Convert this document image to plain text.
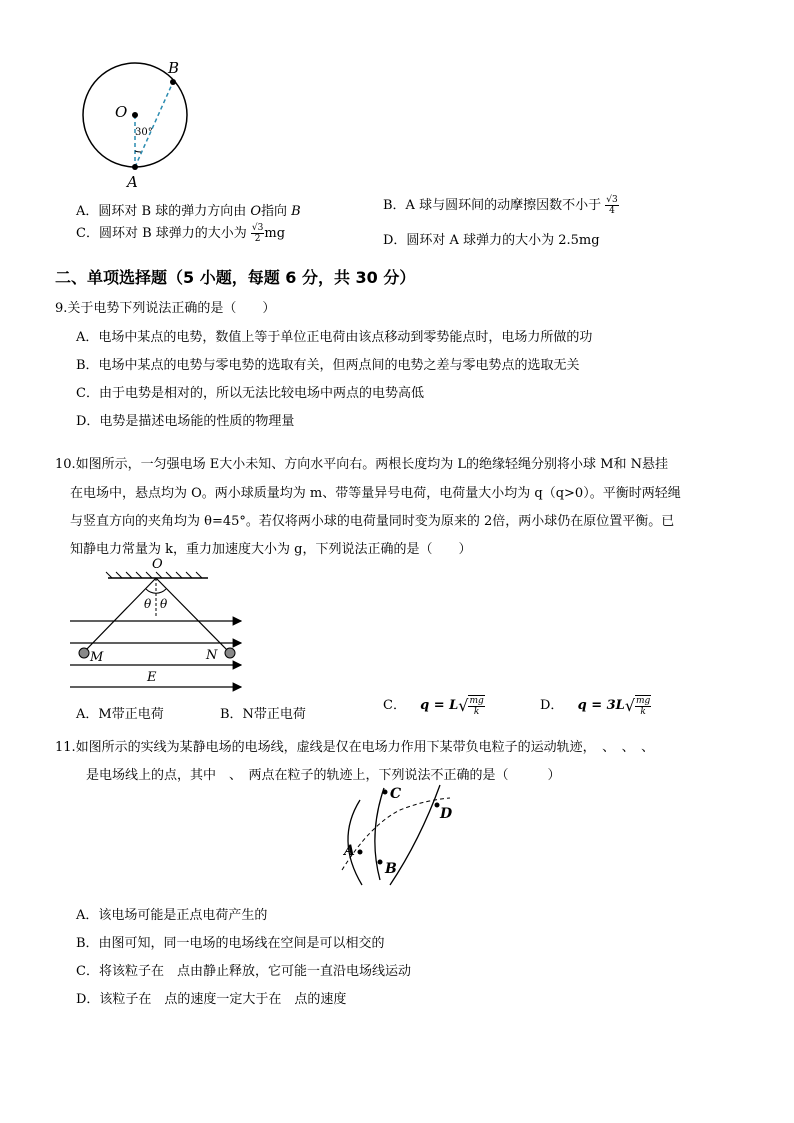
B
O
A
30°
A．圆环对 B 球的弹力方向由 O指向 B	B．A 球与圆环间的动摩擦因数不小于 $\frac{√3}{4}$
C．圆环对 B 球弹力的大小为 $\frac{√3}{2}$ mg	D．圆环对 A 球弹力的大小为 2.5mg
二、单项选择题（5 小题，每题 6 分，共 30 分）
9.关于电势下列说法正确的是（　　）
A．电场中某点的电势，数值上等于单位正电荷由该点移动到零势能点时，电场力所做的功
B．电场中某点的电势与零电势的选取有关，但两点间的电势之差与零电势点的选取无关
C．由于电势是相对的，所以无法比较电场中两点的电势高低
D．电势是描述电场能的性质的物理量
10.如图所示，一匀强电场 E大小未知、方向水平向右。两根长度均为 L的绝缘轻绳分别将小球 M和 N悬挂
在电场中，悬点均为 O。两小球质量均为 m、带等量异号电荷，电荷量大小均为 q（q>0）。平衡时两轻绳
与竖直方向的夹角均为 θ=45°。若仅将两小球的电荷量同时变为原来的 2倍，两小球仍在原位置平衡。已
知静电力常量为 k，重力加速度大小为 g，下列说法正确的是（　　）
O
θ θ
M	N
E
A．M带正电荷	B．N带正电荷
C． $q = L√ \frac{mg}{k}$	D． $q = 3L√ \frac{mg}{k}$
11.如图所示的实线为某静电场的电场线，虚线是仅在电场力作用下某带负电粒子的运动轨迹，　、　、　、
是电场线上的点，其中　、　两点在粒子的轨迹上，下列说法不正确的是（　　　）
C
D
A
B
A．该电场可能是正点电荷产生的
B．由图可知，同一电场的电场线在空间是可以相交的
C．将该粒子在　点由静止释放，它可能一直沿电场线运动
D．该粒子在　点的速度一定大于在　点的速度
